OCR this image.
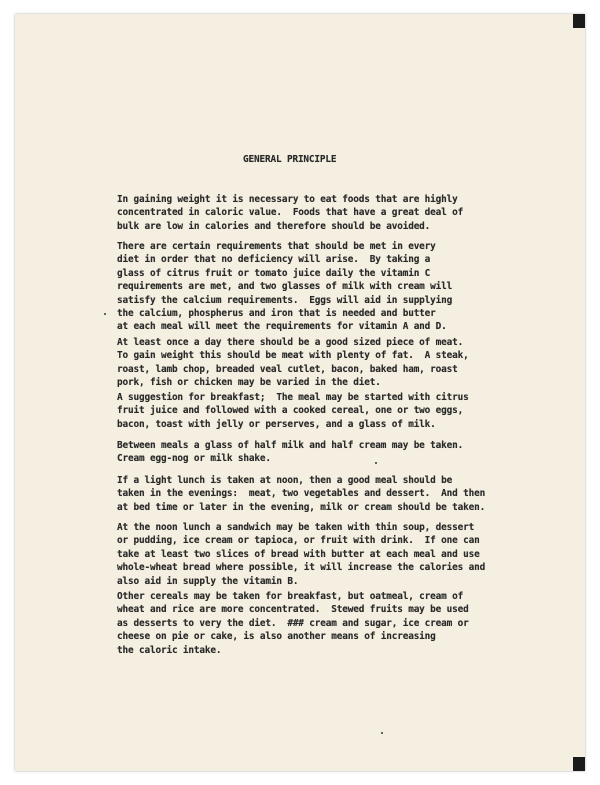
GENERAL PRINCIPLE
In gaining weight it is necessary to eat foods that are highly
concentrated in caloric value.  Foods that have a great deal of
bulk are low in calories and therefore should be avoided.
There are certain requirements that should be met in every
diet in order that no deficiency will arise.  By taking a
glass of citrus fruit or tomato juice daily the vitamin C
requirements are met, and two glasses of milk with cream will
satisfy the calcium requirements.  Eggs will aid in supplying
the calcium, phospherus and iron that is needed and butter
at each meal will meet the requirements for vitamin A and D.
At least once a day there should be a good sized piece of meat.
To gain weight this should be meat with plenty of fat.  A steak,
roast, lamb chop, breaded veal cutlet, bacon, baked ham, roast
pork, fish or chicken may be varied in the diet.
A suggestion for breakfast;  The meal may be started with citrus
fruit juice and followed with a cooked cereal, one or two eggs,
bacon, toast with jelly or perserves, and a glass of milk.
Between meals a glass of half milk and half cream may be taken.
Cream egg-nog or milk shake.
If a light lunch is taken at noon, then a good meal should be
taken in the evenings:  meat, two vegetables and dessert.  And then
at bed time or later in the evening, milk or cream should be taken.
At the noon lunch a sandwich may be taken with thin soup, dessert
or pudding, ice cream or tapioca, or fruit with drink.  If one can
take at least two slices of bread with butter at each meal and use
whole-wheat bread where possible, it will increase the calories and
also aid in supply the vitamin B.
Other cereals may be taken for breakfast, but oatmeal, cream of
wheat and rice are more concentrated.  Stewed fruits may be used
as desserts to very the diet.  ### cream and sugar, ice cream or
cheese on pie or cake, is also another means of increasing
the caloric intake.
